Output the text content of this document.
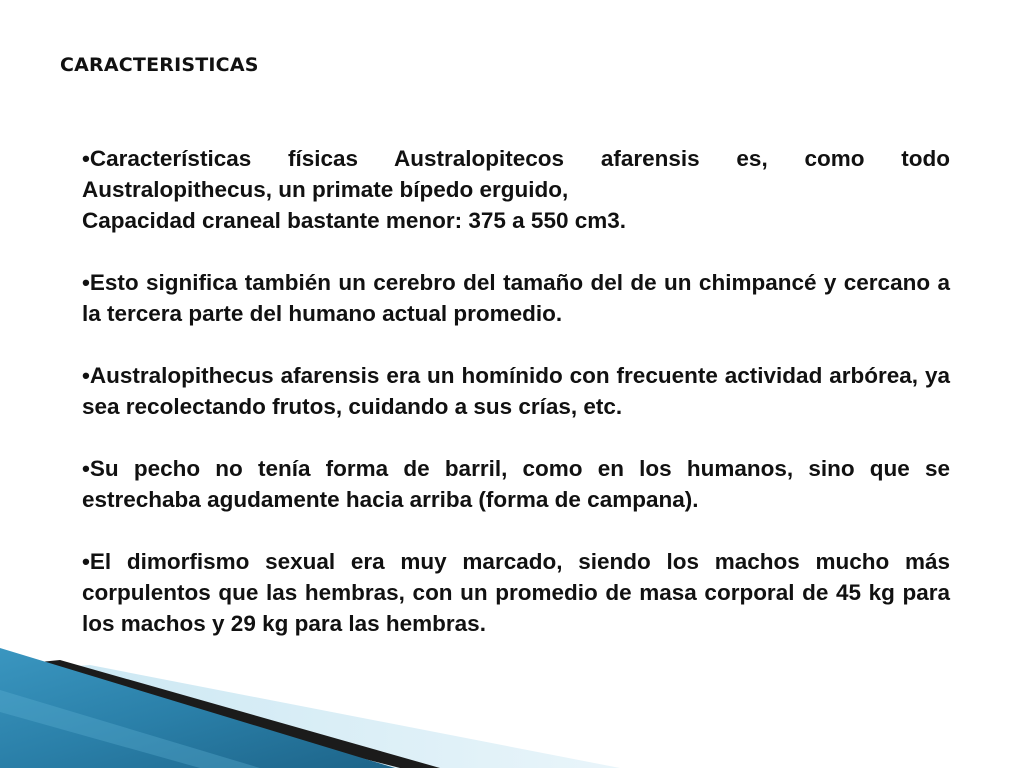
CARACTERISTICAS

•Características físicas Australopitecos afarensis es, como todo Australopithecus, un primate bípedo erguido,
Capacidad craneal bastante menor: 375 a 550 cm3.

•Esto significa también un cerebro del tamaño del de un chimpancé y cercano a la tercera parte del humano actual promedio.

•Australopithecus afarensis era un homínido con frecuente actividad arbórea, ya sea recolectando frutos, cuidando a sus crías, etc.

•Su pecho no tenía forma de barril, como en los humanos, sino que se estrechaba agudamente hacia arriba (forma de campana).

•El dimorfismo sexual era muy marcado, siendo los machos mucho más corpulentos que las hembras, con un promedio de masa corporal de 45 kg para los machos y 29 kg para las hembras.
